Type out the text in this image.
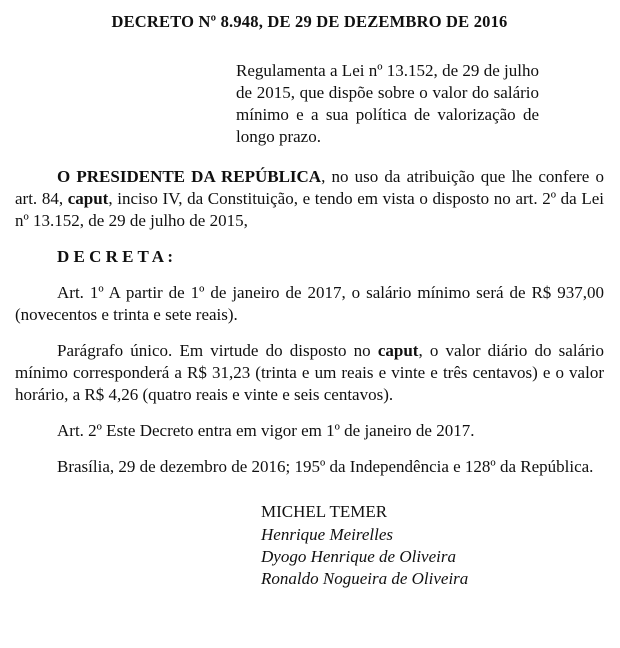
DECRETO Nº 8.948, DE 29 DE DEZEMBRO DE 2016

Regulamenta a Lei nº 13.152, de 29 de julho de 2015, que dispõe sobre o valor do salário mínimo e a sua política de valorização de longo prazo.

O PRESIDENTE DA REPÚBLICA, no uso da atribuição que lhe confere o art. 84, caput, inciso IV, da Constituição, e tendo em vista o disposto no art. 2º da Lei nº 13.152, de 29 de julho de 2015,

D E C R E T A :

Art. 1º A partir de 1º de janeiro de 2017, o salário mínimo será de R$ 937,00 (novecentos e trinta e sete reais).

Parágrafo único. Em virtude do disposto no caput, o valor diário do salário mínimo corresponderá a R$ 31,23 (trinta e um reais e vinte e três centavos) e o valor horário, a R$ 4,26 (quatro reais e vinte e seis centavos).

Art. 2º Este Decreto entra em vigor em 1º de janeiro de 2017.

Brasília, 29 de dezembro de 2016; 195º da Independência e 128º da República.

MICHEL TEMER

Henrique Meirelles

Dyogo Henrique de Oliveira

Ronaldo Nogueira de Oliveira
